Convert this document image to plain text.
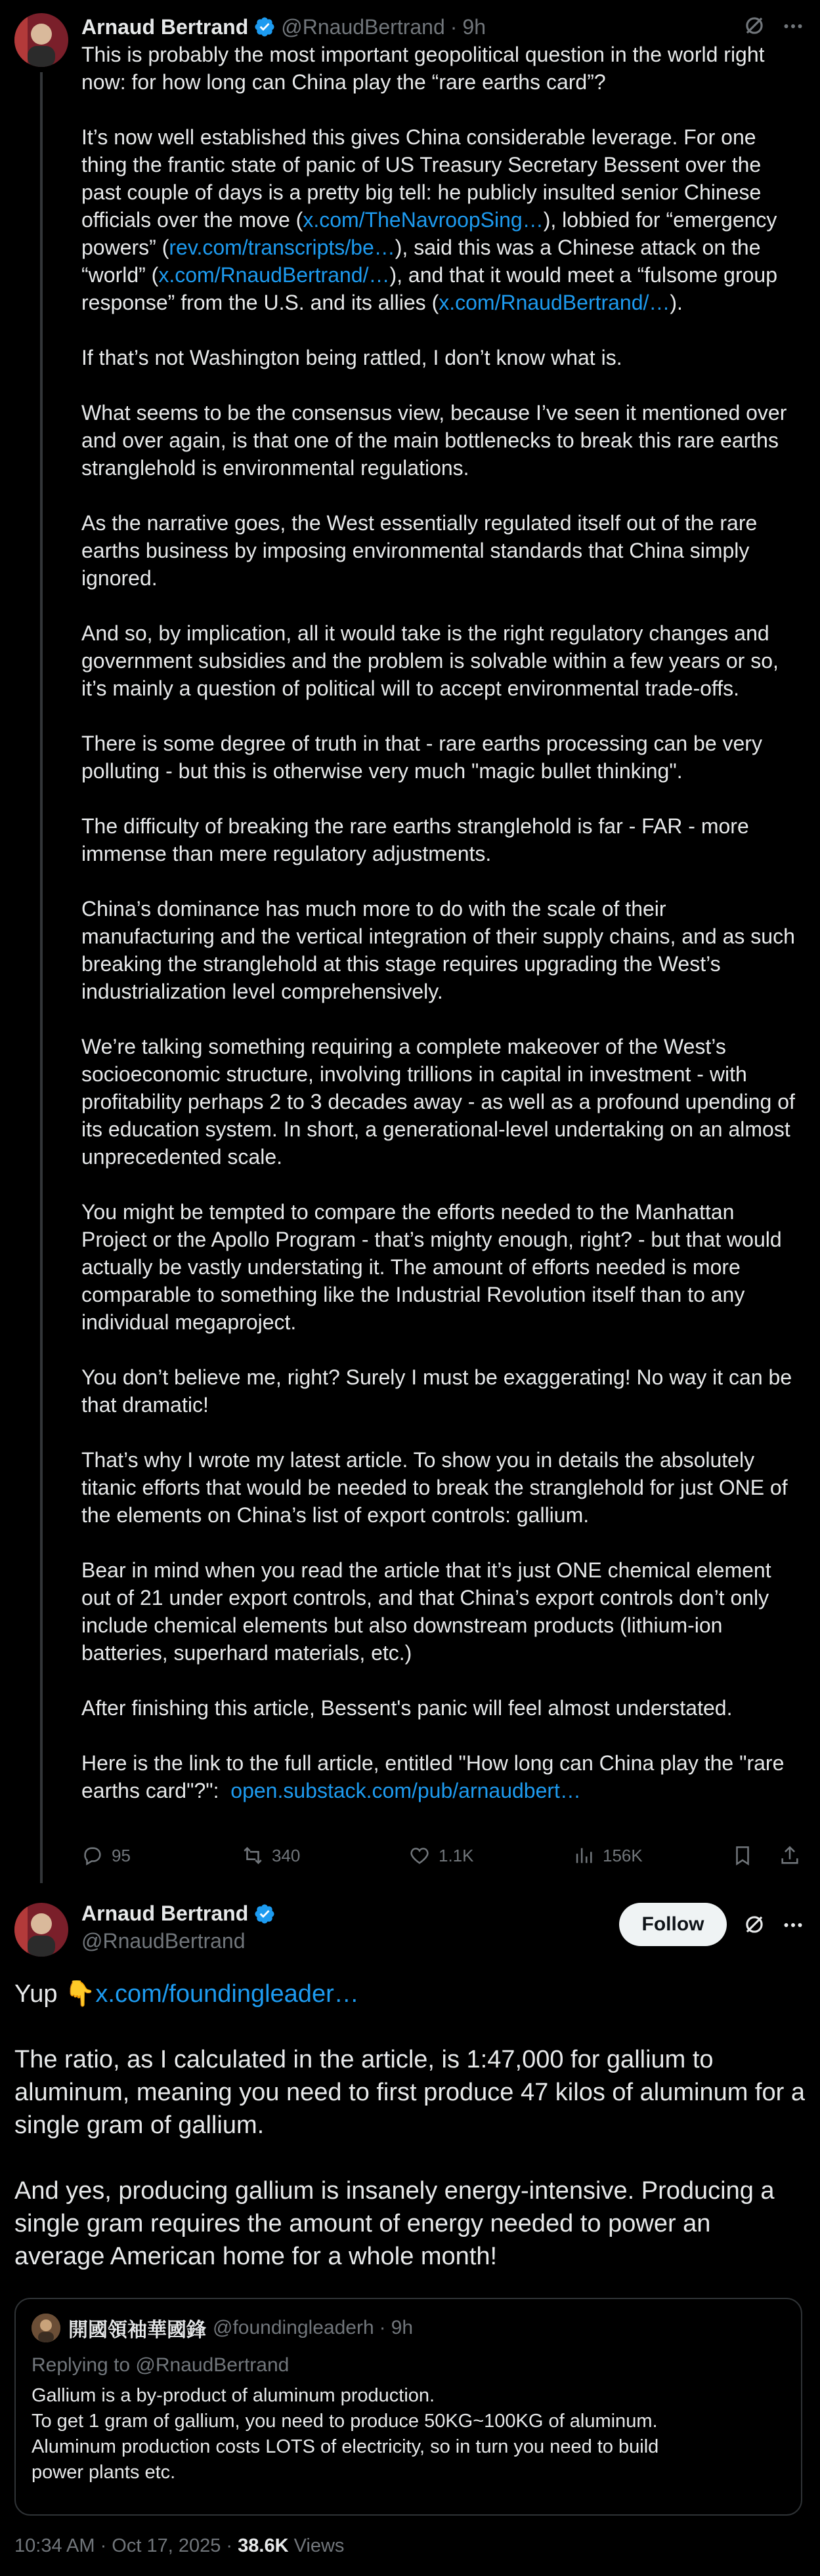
Arnaud Bertrand @RnaudBertrand · 9h
This is probably the most important geopolitical question in the world right now: for how long can China play the “rare earths card”?
It’s now well established this gives China considerable leverage. For one thing the frantic state of panic of US Treasury Secretary Bessent over the past couple of days is a pretty big tell: he publicly insulted senior Chinese officials over the move (x.com/TheNavroopSing…), lobbied for “emergency powers” (rev.com/transcripts/be…), said this was a Chinese attack on the “world” (x.com/RnaudBertrand/…), and that it would meet a “fulsome group response” from the U.S. and its allies (x.com/RnaudBertrand/…).
If that’s not Washington being rattled, I don’t know what is.
What seems to be the consensus view, because I’ve seen it mentioned over and over again, is that one of the main bottlenecks to break this rare earths stranglehold is environmental regulations.
As the narrative goes, the West essentially regulated itself out of the rare earths business by imposing environmental standards that China simply ignored.
And so, by implication, all it would take is the right regulatory changes and government subsidies and the problem is solvable within a few years or so, it’s mainly a question of political will to accept environmental trade-offs.
There is some degree of truth in that - rare earths processing can be very polluting - but this is otherwise very much "magic bullet thinking".
The difficulty of breaking the rare earths stranglehold is far - FAR - more immense than mere regulatory adjustments.
China’s dominance has much more to do with the scale of their manufacturing and the vertical integration of their supply chains, and as such breaking the stranglehold at this stage requires upgrading the West’s industrialization level comprehensively.
We’re talking something requiring a complete makeover of the West’s socioeconomic structure, involving trillions in capital in investment - with profitability perhaps 2 to 3 decades away - as well as a profound upending of its education system. In short, a generational-level undertaking on an almost unprecedented scale.
You might be tempted to compare the efforts needed to the Manhattan Project or the Apollo Program - that’s mighty enough, right? - but that would actually be vastly understating it. The amount of efforts needed is more comparable to something like the Industrial Revolution itself than to any individual megaproject.
You don’t believe me, right? Surely I must be exaggerating! No way it can be that dramatic!
That’s why I wrote my latest article. To show you in details the absolutely titanic efforts that would be needed to break the stranglehold for just ONE of the elements on China’s list of export controls: gallium.
Bear in mind when you read the article that it’s just ONE chemical element out of 21 under export controls, and that China’s export controls don’t only include chemical elements but also downstream products (lithium-ion batteries, superhard materials, etc.)
After finishing this article, Bessent's panic will feel almost understated.
Here is the link to the full article, entitled "How long can China play the "rare earths card"?":  open.substack.com/pub/arnaudbert…
95	340	1.1K	156K
Arnaud Bertrand
@RnaudBertrand
Follow
Yup 👇x.com/foundingleader…
The ratio, as I calculated in the article, is 1:47,000 for gallium to aluminum, meaning you need to first produce 47 kilos of aluminum for a single gram of gallium.
And yes, producing gallium is insanely energy-intensive. Producing a single gram requires the amount of energy needed to power an average American home for a whole month!
開國領袖華國鋒 @foundingleaderh · 9h
Replying to @RnaudBertrand
Gallium is a by-product of aluminum production.
To get 1 gram of gallium, you need to produce 50KG~100KG of aluminum.
Aluminum production costs LOTS of electricity, so in turn you need to build
power plants etc.
10:34 AM · Oct 17, 2025 · 38.6K Views
